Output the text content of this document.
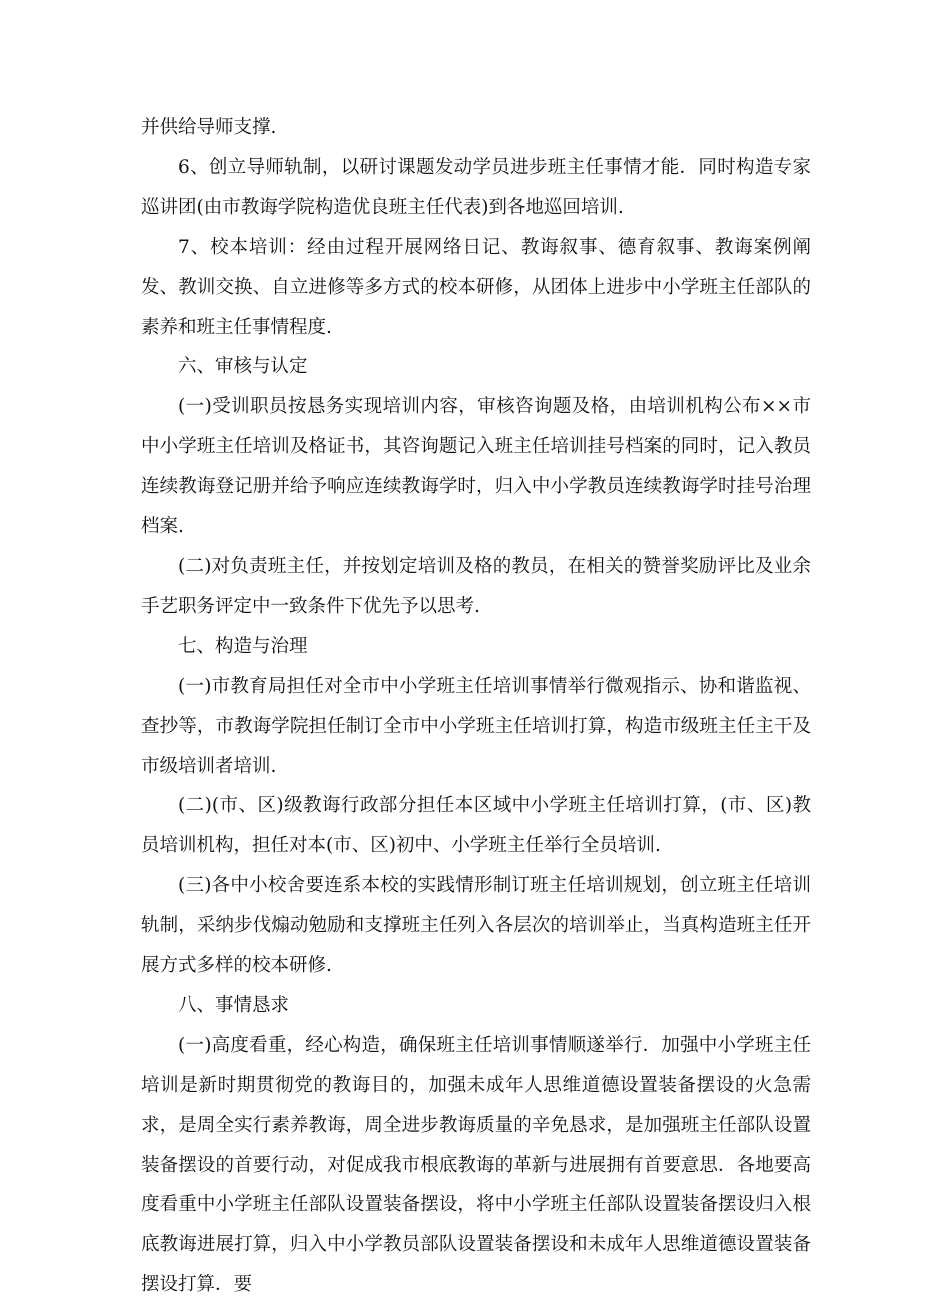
并供给导师支撑.

6、创立导师轨制，以研讨课题发动学员进步班主任事情才能．同时构造专家巡讲团(由市教诲学院构造优良班主任代表)到各地巡回培训.

7、校本培训：经由过程开展网络日记、教诲叙事、德育叙事、教诲案例阐发、教训交换、自立进修等多方式的校本研修，从团体上进步中小学班主任部队的素养和班主任事情程度.

六、审核与认定

(一)受训职员按恳务实现培训内容，审核咨询题及格，由培训机构公布××市中小学班主任培训及格证书，其咨询题记入班主任培训挂号档案的同时，记入教员连续教诲登记册并给予响应连续教诲学时，归入中小学教员连续教诲学时挂号治理档案.

(二)对负责班主任，并按划定培训及格的教员，在相关的赞誉奖励评比及业余手艺职务评定中一致条件下优先予以思考.

七、构造与治理

(一)市教育局担任对全市中小学班主任培训事情举行微观指示、协和谐监视、查抄等，市教诲学院担任制订全市中小学班主任培训打算，构造市级班主任主干及市级培训者培训.

(二)(市、区)级教诲行政部分担任本区域中小学班主任培训打算，(市、区)教员培训机构，担任对本(市、区)初中、小学班主任举行全员培训.

(三)各中小校舍要连系本校的实践情形制订班主任培训规划，创立班主任培训轨制，采纳步伐煽动勉励和支撑班主任列入各层次的培训举止，当真构造班主任开展方式多样的校本研修.

八、事情恳求

(一)高度看重，经心构造，确保班主任培训事情顺遂举行．加强中小学班主任培训是新时期贯彻党的教诲目的，加强未成年人思维道德设置装备摆设的火急需求，是周全实行素养教诲，周全进步教诲质量的辛免恳求，是加强班主任部队设置装备摆设的首要行动，对促成我市根底教诲的革新与进展拥有首要意思．各地要高度看重中小学班主任部队设置装备摆设，将中小学班主任部队设置装备摆设归入根底教诲进展打算，归入中小学教员部队设置装备摆设和未成年人思维道德设置装备摆设打算．要
